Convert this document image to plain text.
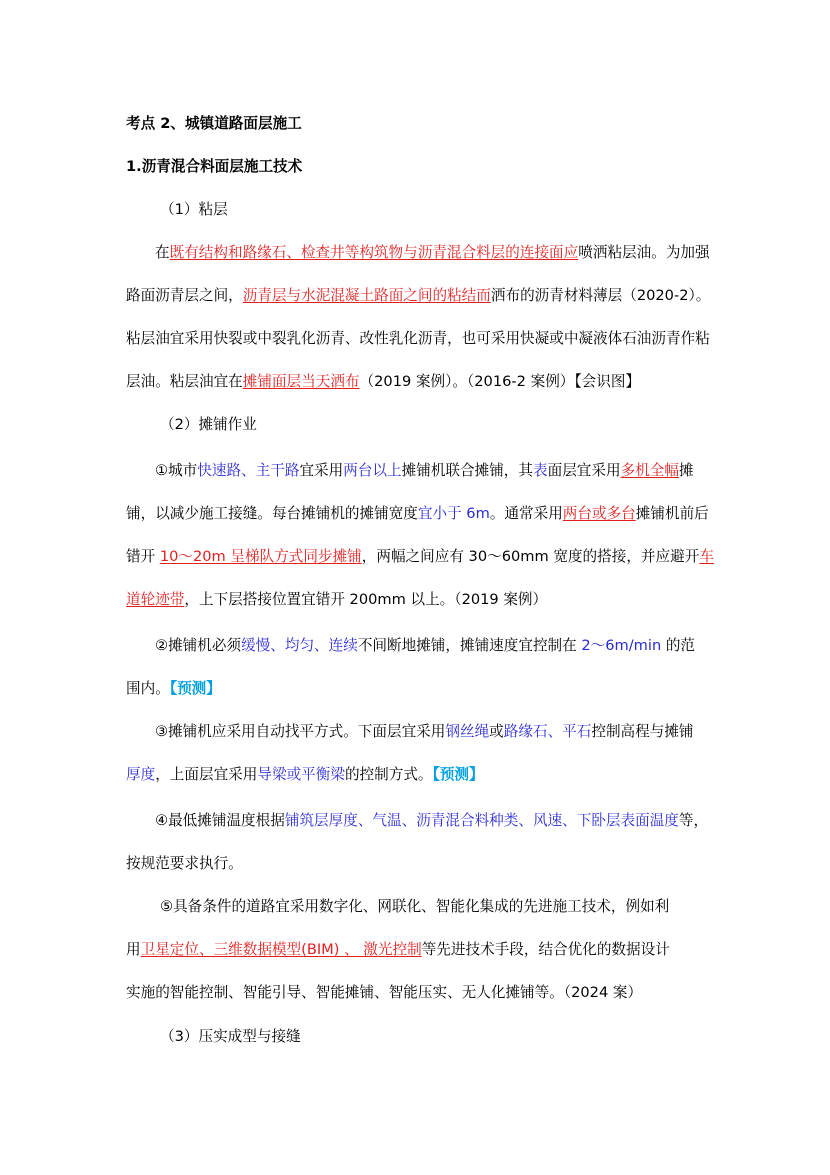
考点 2、城镇道路面层施工
1.沥青混合料面层施工技术
（1）粘层
在既有结构和路缘石、检查井等构筑物与沥青混合料层的连接面应喷洒粘层油。为加强
路面沥青层之间，沥青层与水泥混凝土路面之间的粘结而洒布的沥青材料薄层（2020-2）。
粘层油宜采用快裂或中裂乳化沥青、改性乳化沥青，也可采用快凝或中凝液体石油沥青作粘
层油。粘层油宜在摊铺面层当天洒布（2019 案例）。（2016-2 案例）【会识图】
（2）摊铺作业
①城市快速路、主干路宜采用两台以上摊铺机联合摊铺，其表面层宜采用多机全幅摊
铺，以减少施工接缝。每台摊铺机的摊铺宽度宜小于 6m。通常采用两台或多台摊铺机前后
错开 10～20m 呈梯队方式同步摊铺，两幅之间应有 30～60mm 宽度的搭接，并应避开车
道轮迹带，上下层搭接位置宜错开 200mm 以上。（2019 案例）
②摊铺机必须缓慢、均匀、连续不间断地摊铺，摊铺速度宜控制在 2～6m/min 的范
围内。【预测】
③摊铺机应采用自动找平方式。下面层宜采用钢丝绳或路缘石、平石控制高程与摊铺
厚度，上面层宜采用导梁或平衡梁的控制方式。【预测】
④最低摊铺温度根据铺筑层厚度、气温、沥青混合料种类、风速、下卧层表面温度等，
按规范要求执行。
⑤具备条件的道路宜采用数字化、网联化、智能化集成的先进施工技术，例如利
用卫星定位、三维数据模型(BIM) 、 激光控制等先进技术手段，结合优化的数据设计
实施的智能控制、智能引导、智能摊铺、智能压实、无人化摊铺等。（2024 案）
（3）压实成型与接缝
